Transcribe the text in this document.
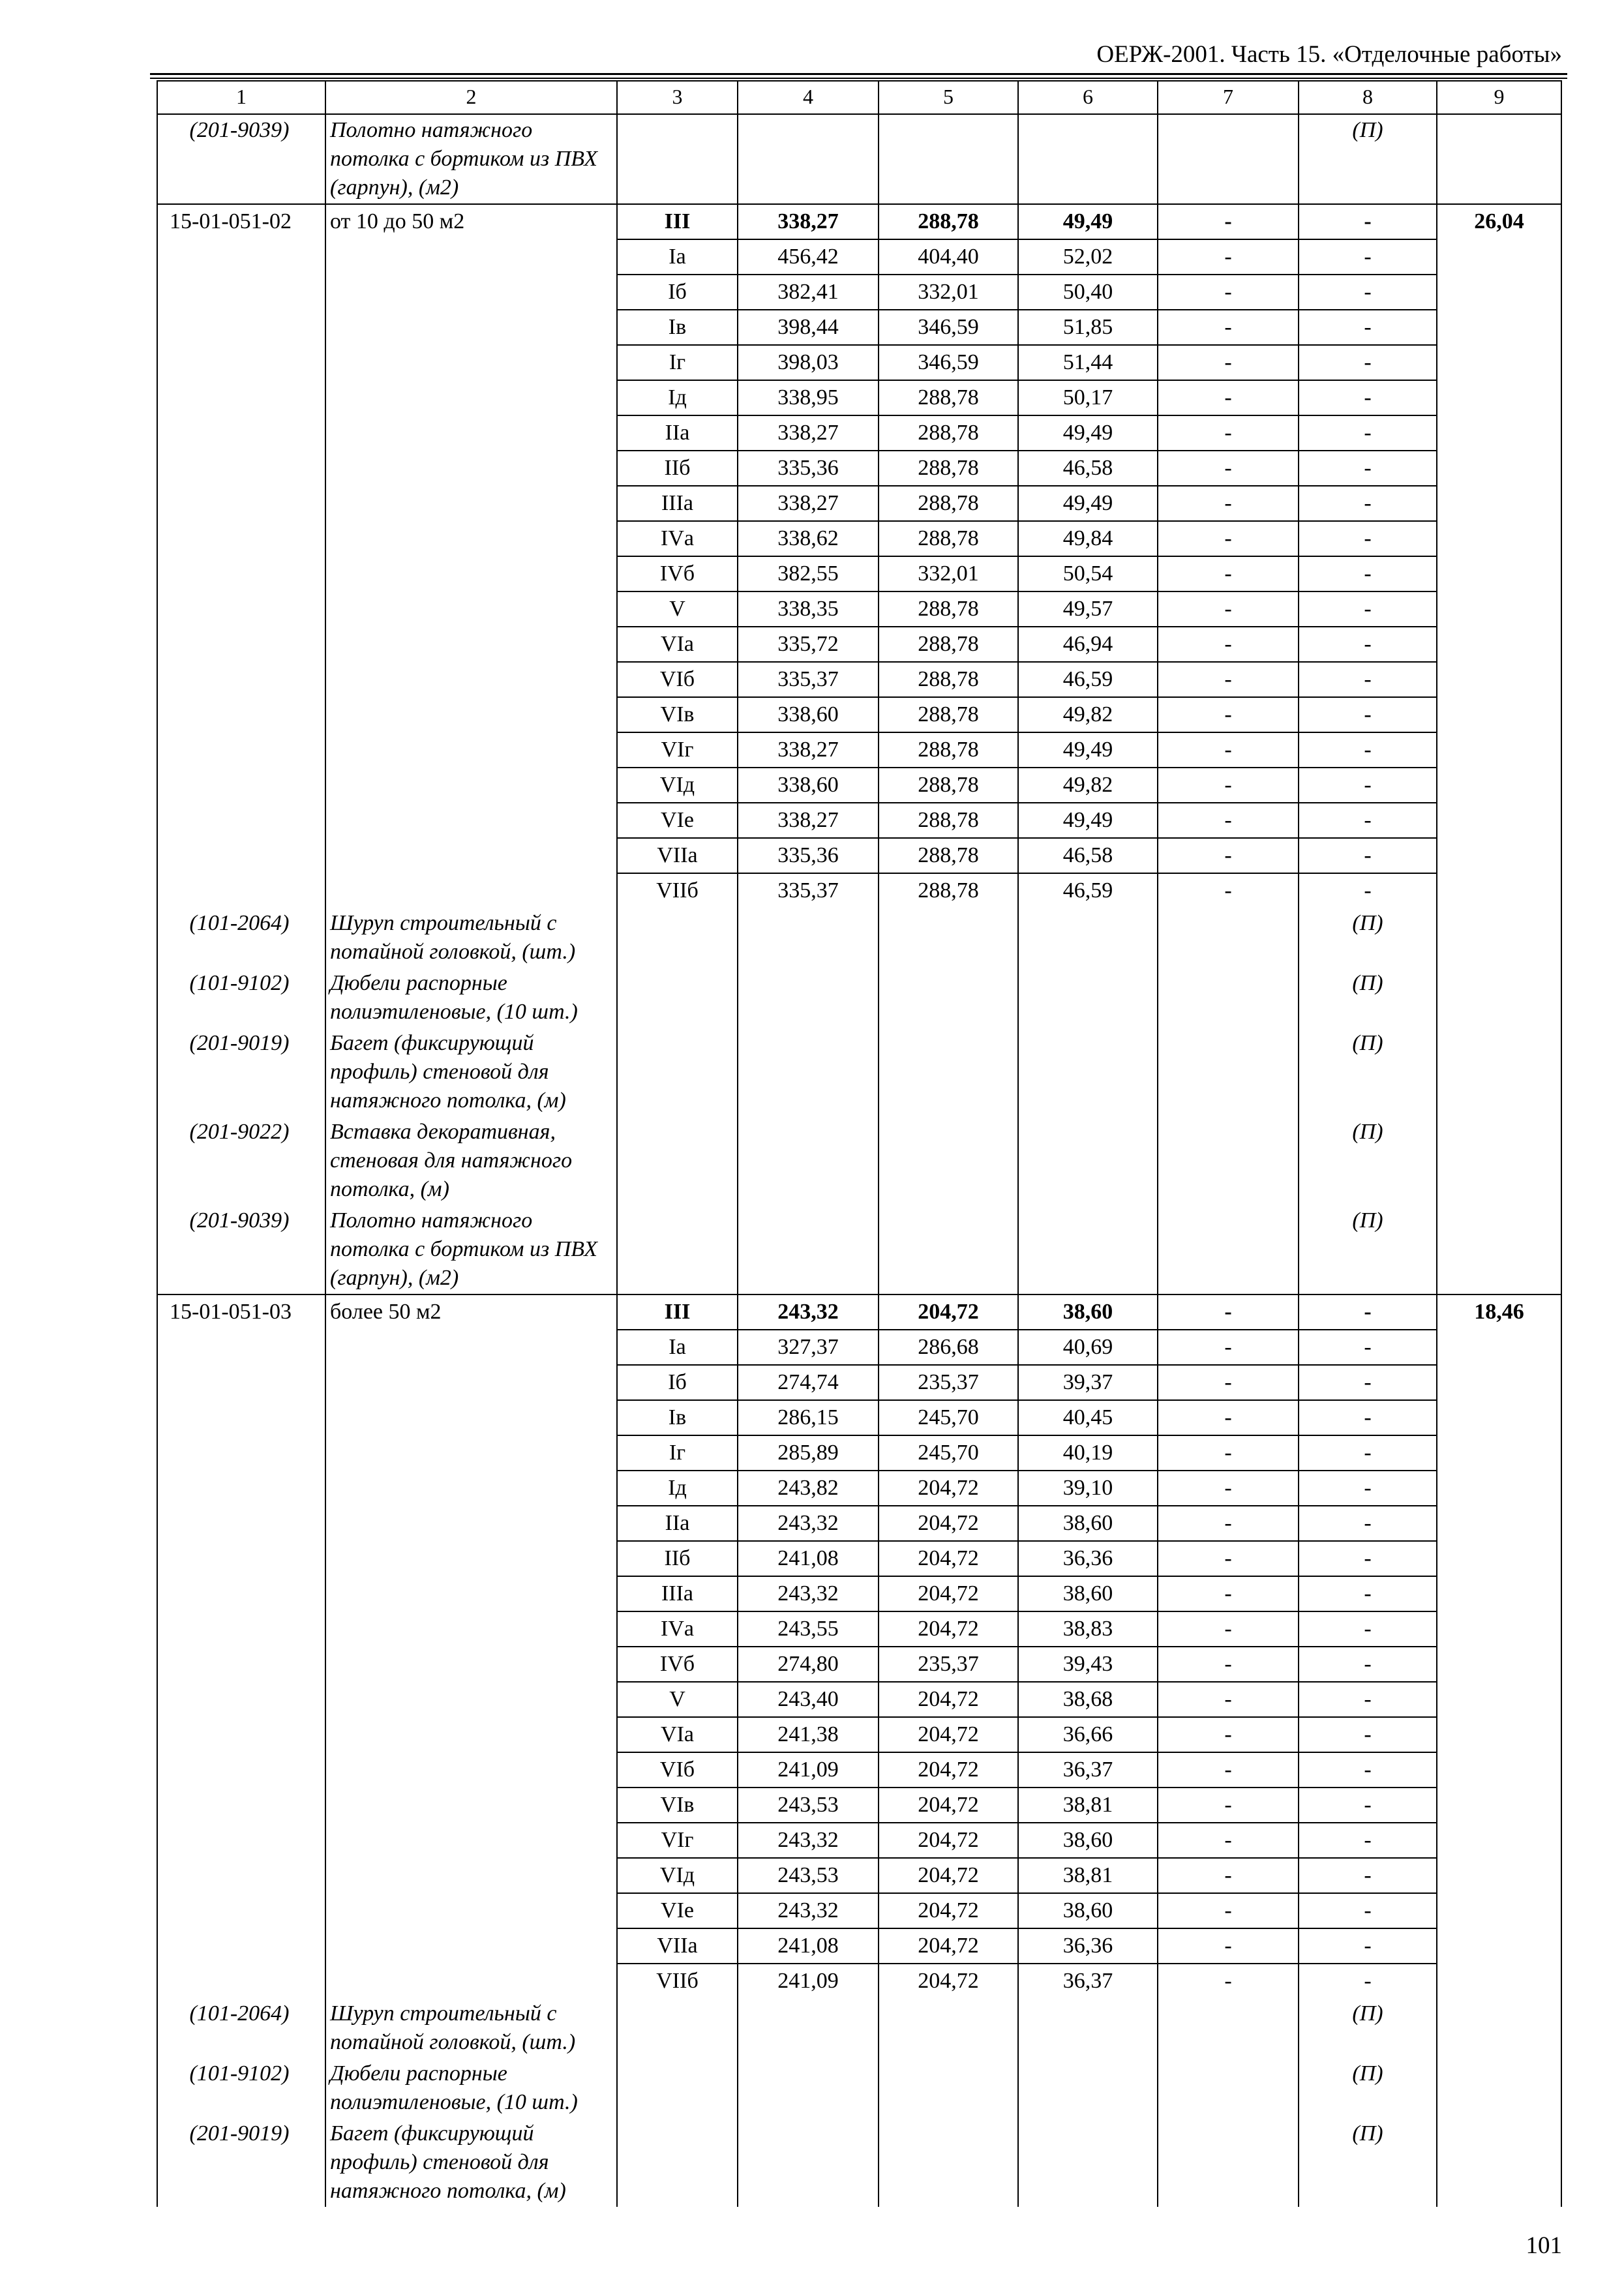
ОЕРЖ-2001. Часть 15. «Отделочные работы»
1	2	3	4	5	6	7	8	9
(201-9039)	Полотно натяжного потолка с бортиком из ПВХ (гарпун), (м2)						(П)	
15-01-051-02	от 10 до 50 м2	III	338,27	288,78	49,49	-	-	26,04
		Iа	456,42	404,40	52,02	-	-	
		Iб	382,41	332,01	50,40	-	-	
		Iв	398,44	346,59	51,85	-	-	
		Iг	398,03	346,59	51,44	-	-	
		Iд	338,95	288,78	50,17	-	-	
		IIа	338,27	288,78	49,49	-	-	
		IIб	335,36	288,78	46,58	-	-	
		IIIа	338,27	288,78	49,49	-	-	
		IVа	338,62	288,78	49,84	-	-	
		IVб	382,55	332,01	50,54	-	-	
		V	338,35	288,78	49,57	-	-	
		VIа	335,72	288,78	46,94	-	-	
		VIб	335,37	288,78	46,59	-	-	
		VIв	338,60	288,78	49,82	-	-	
		VIг	338,27	288,78	49,49	-	-	
		VIд	338,60	288,78	49,82	-	-	
		VIе	338,27	288,78	49,49	-	-	
		VIIа	335,36	288,78	46,58	-	-	
		VIIб	335,37	288,78	46,59	-	-	
(101-2064)	Шуруп строительный с потайной головкой, (шт.)						(П)	
(101-9102)	Дюбели распорные полиэтиленовые, (10 шт.)						(П)	
(201-9019)	Багет (фиксирующий профиль) стеновой для натяжного потолка, (м)						(П)	
(201-9022)	Вставка декоративная, стеновая для натяжного потолка, (м)						(П)	
(201-9039)	Полотно натяжного потолка с бортиком из ПВХ (гарпун), (м2)						(П)	
15-01-051-03	более 50 м2	III	243,32	204,72	38,60	-	-	18,46
		Iа	327,37	286,68	40,69	-	-	
		Iб	274,74	235,37	39,37	-	-	
		Iв	286,15	245,70	40,45	-	-	
		Iг	285,89	245,70	40,19	-	-	
		Iд	243,82	204,72	39,10	-	-	
		IIа	243,32	204,72	38,60	-	-	
		IIб	241,08	204,72	36,36	-	-	
		IIIа	243,32	204,72	38,60	-	-	
		IVа	243,55	204,72	38,83	-	-	
		IVб	274,80	235,37	39,43	-	-	
		V	243,40	204,72	38,68	-	-	
		VIа	241,38	204,72	36,66	-	-	
		VIб	241,09	204,72	36,37	-	-	
		VIв	243,53	204,72	38,81	-	-	
		VIг	243,32	204,72	38,60	-	-	
		VIд	243,53	204,72	38,81	-	-	
		VIе	243,32	204,72	38,60	-	-	
		VIIа	241,08	204,72	36,36	-	-	
		VIIб	241,09	204,72	36,37	-	-	
(101-2064)	Шуруп строительный с потайной головкой, (шт.)						(П)	
(101-9102)	Дюбели распорные полиэтиленовые, (10 шт.)						(П)	
(201-9019)	Багет (фиксирующий профиль) стеновой для натяжного потолка, (м)						(П)	
101
